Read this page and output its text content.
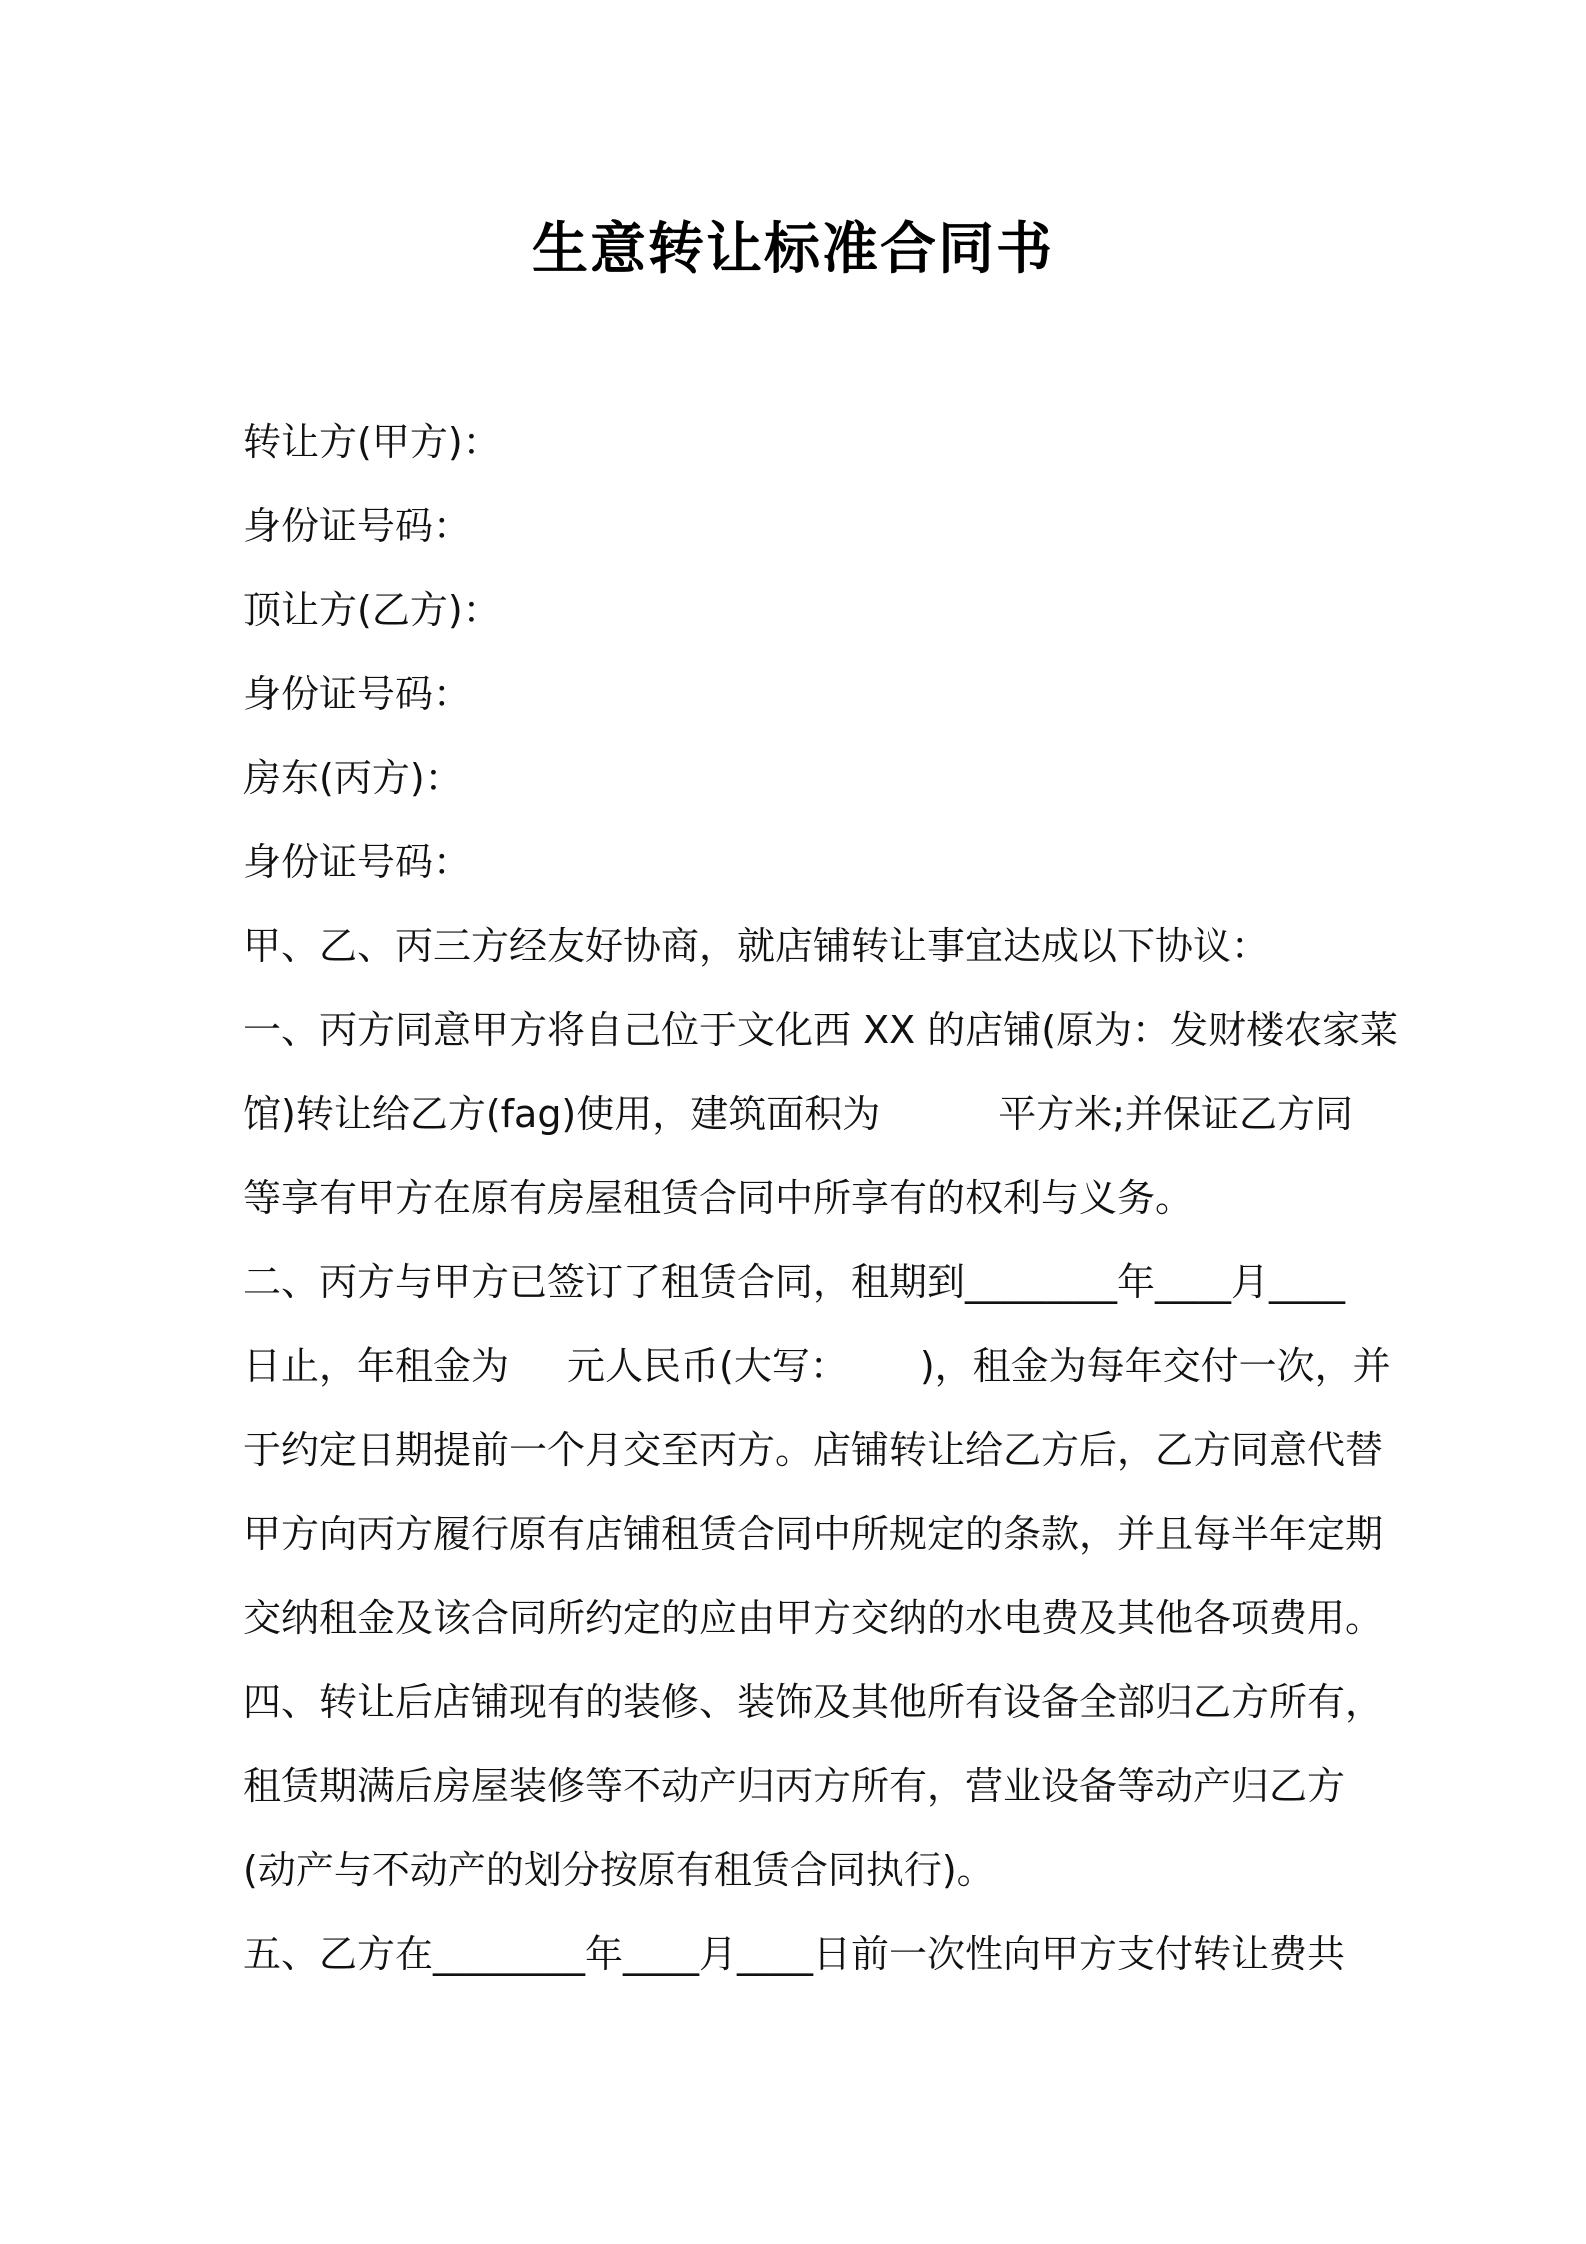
生意转让标准合同书
转让方(甲方)：
身份证号码：
顶让方(乙方)：
身份证号码：
房东(丙方)：
身份证号码：
甲、乙、丙三方经友好协商，就店铺转让事宜达成以下协议：
一、丙方同意甲方将自己位于文化西 XX 的店铺(原为：发财楼农家菜
馆)转让给乙方(fag)使用，建筑面积为	平方米;并保证乙方同
等享有甲方在原有房屋租赁合同中所享有的权利与义务。
二、丙方与甲方已签订了租赁合同，租期到________年____月____
日止，年租金为 元人民币(大写： )，租金为每年交付一次，并
于约定日期提前一个月交至丙方。店铺转让给乙方后，乙方同意代替
甲方向丙方履行原有店铺租赁合同中所规定的条款，并且每半年定期
交纳租金及该合同所约定的应由甲方交纳的水电费及其他各项费用。
四、转让后店铺现有的装修、装饰及其他所有设备全部归乙方所有，
租赁期满后房屋装修等不动产归丙方所有，营业设备等动产归乙方
(动产与不动产的划分按原有租赁合同执行)。
五、乙方在________年____月____日前一次性向甲方支付转让费共
